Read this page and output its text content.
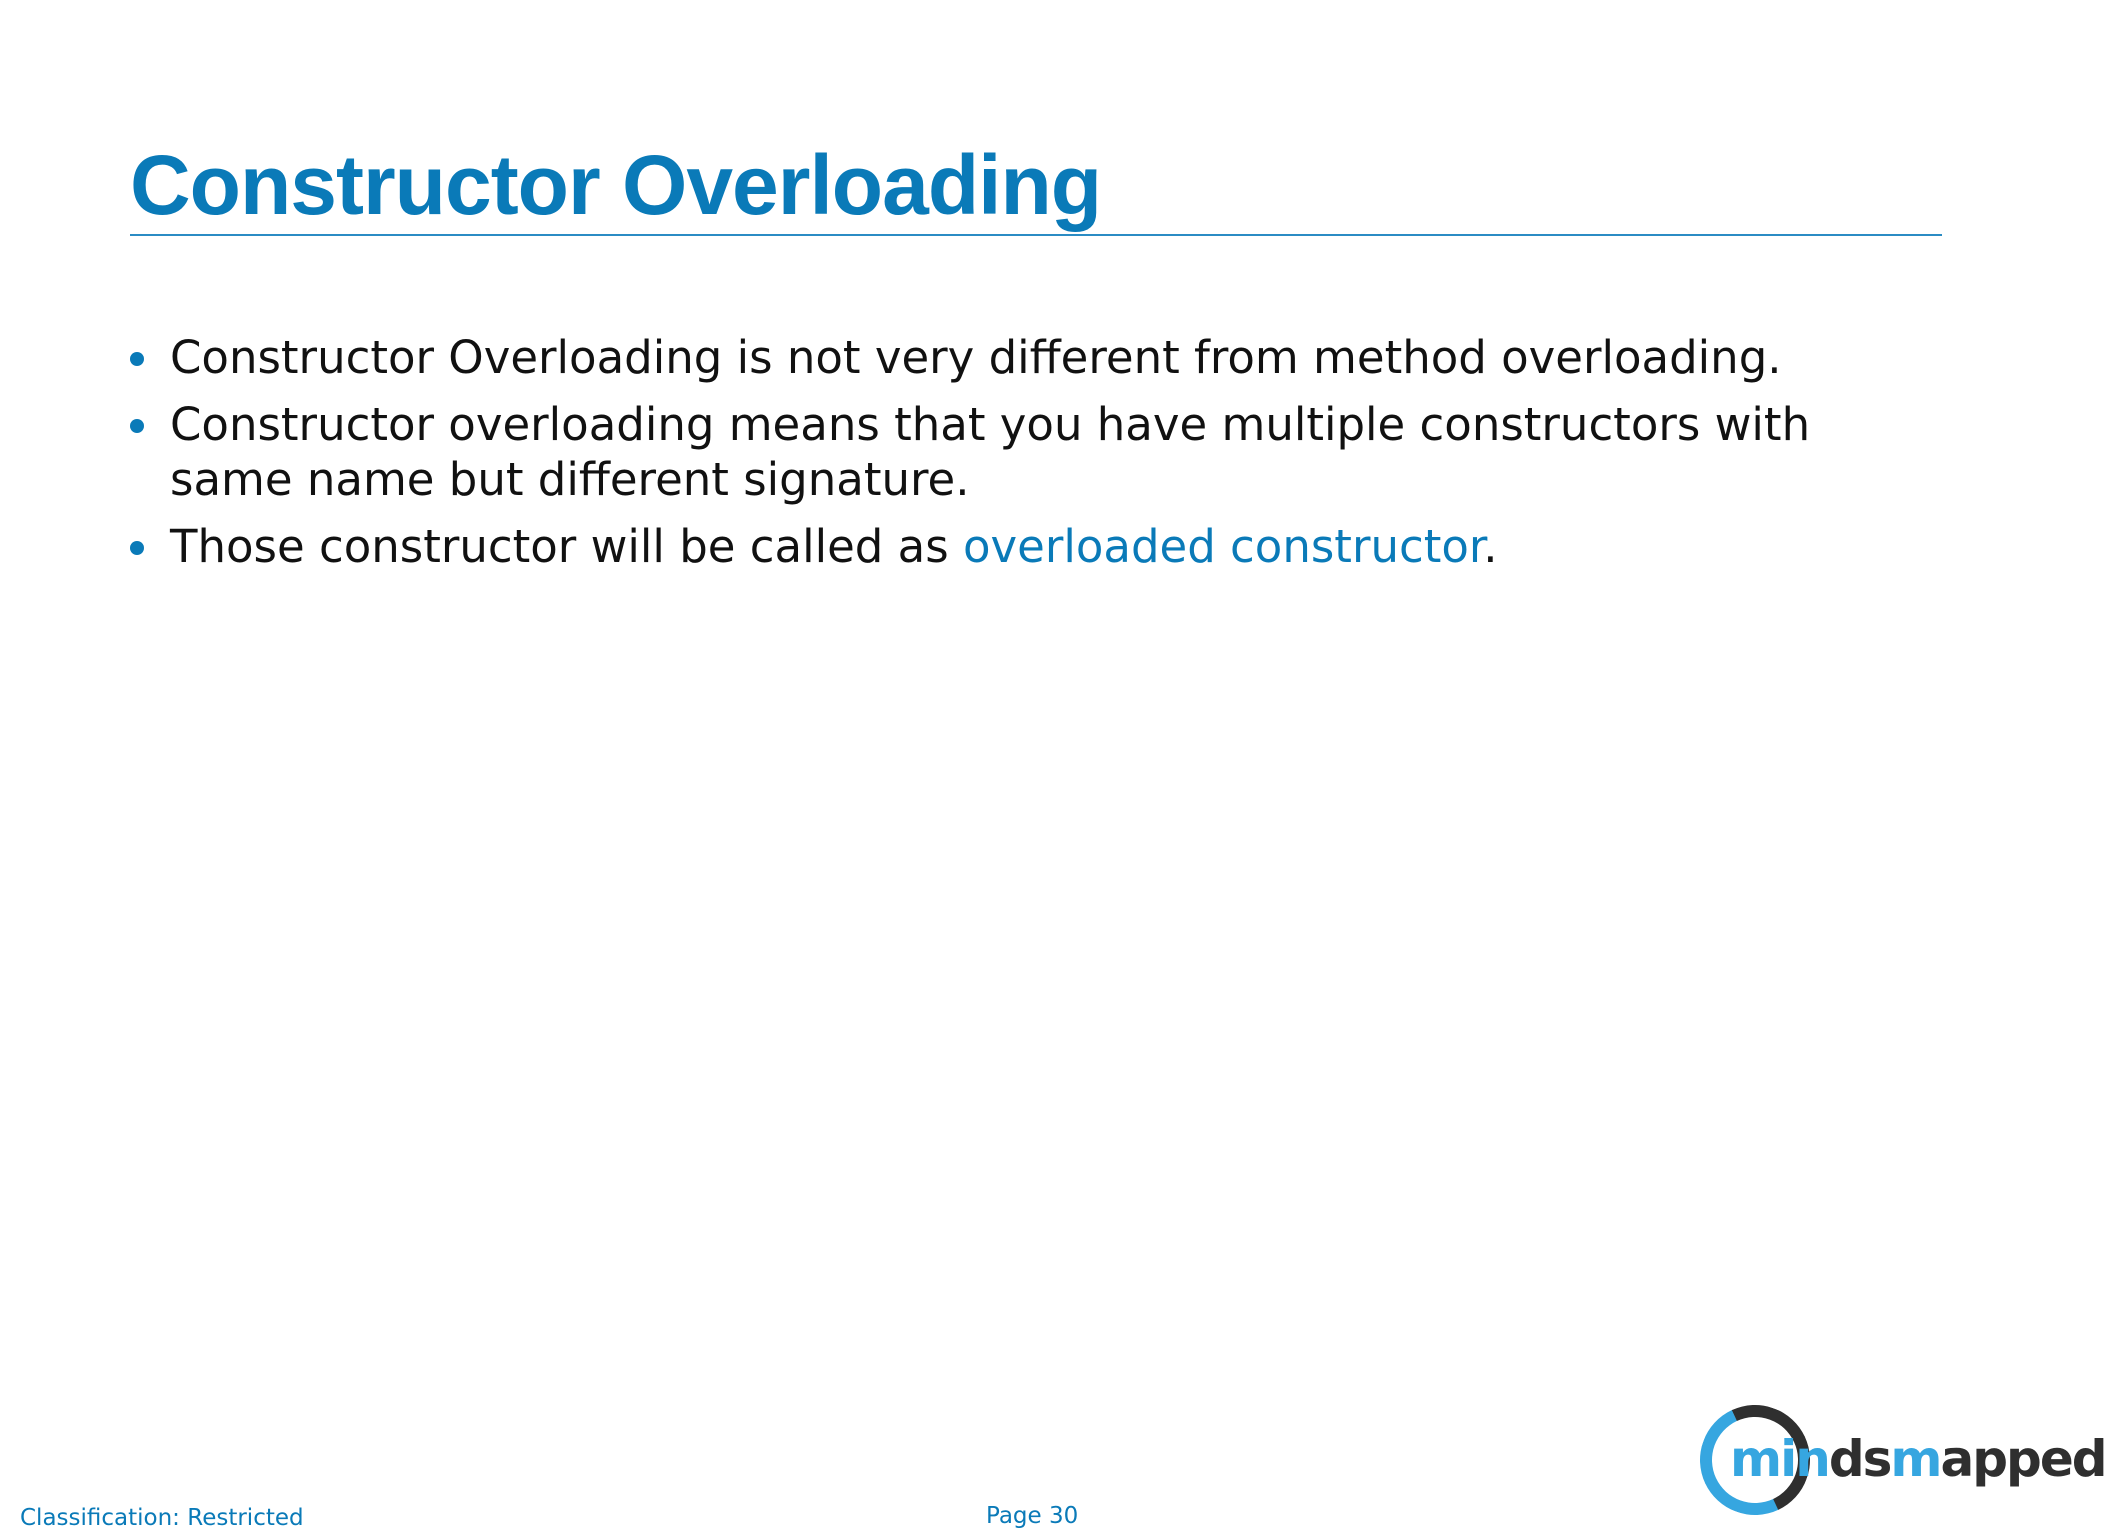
Constructor Overloading
Constructor Overloading is not very different from method overloading.
Constructor overloading means that you have multiple constructors with same name but different signature.
Those constructor will be called as overloaded constructor.
Classification: Restricted	Page 30
mindsmapped
